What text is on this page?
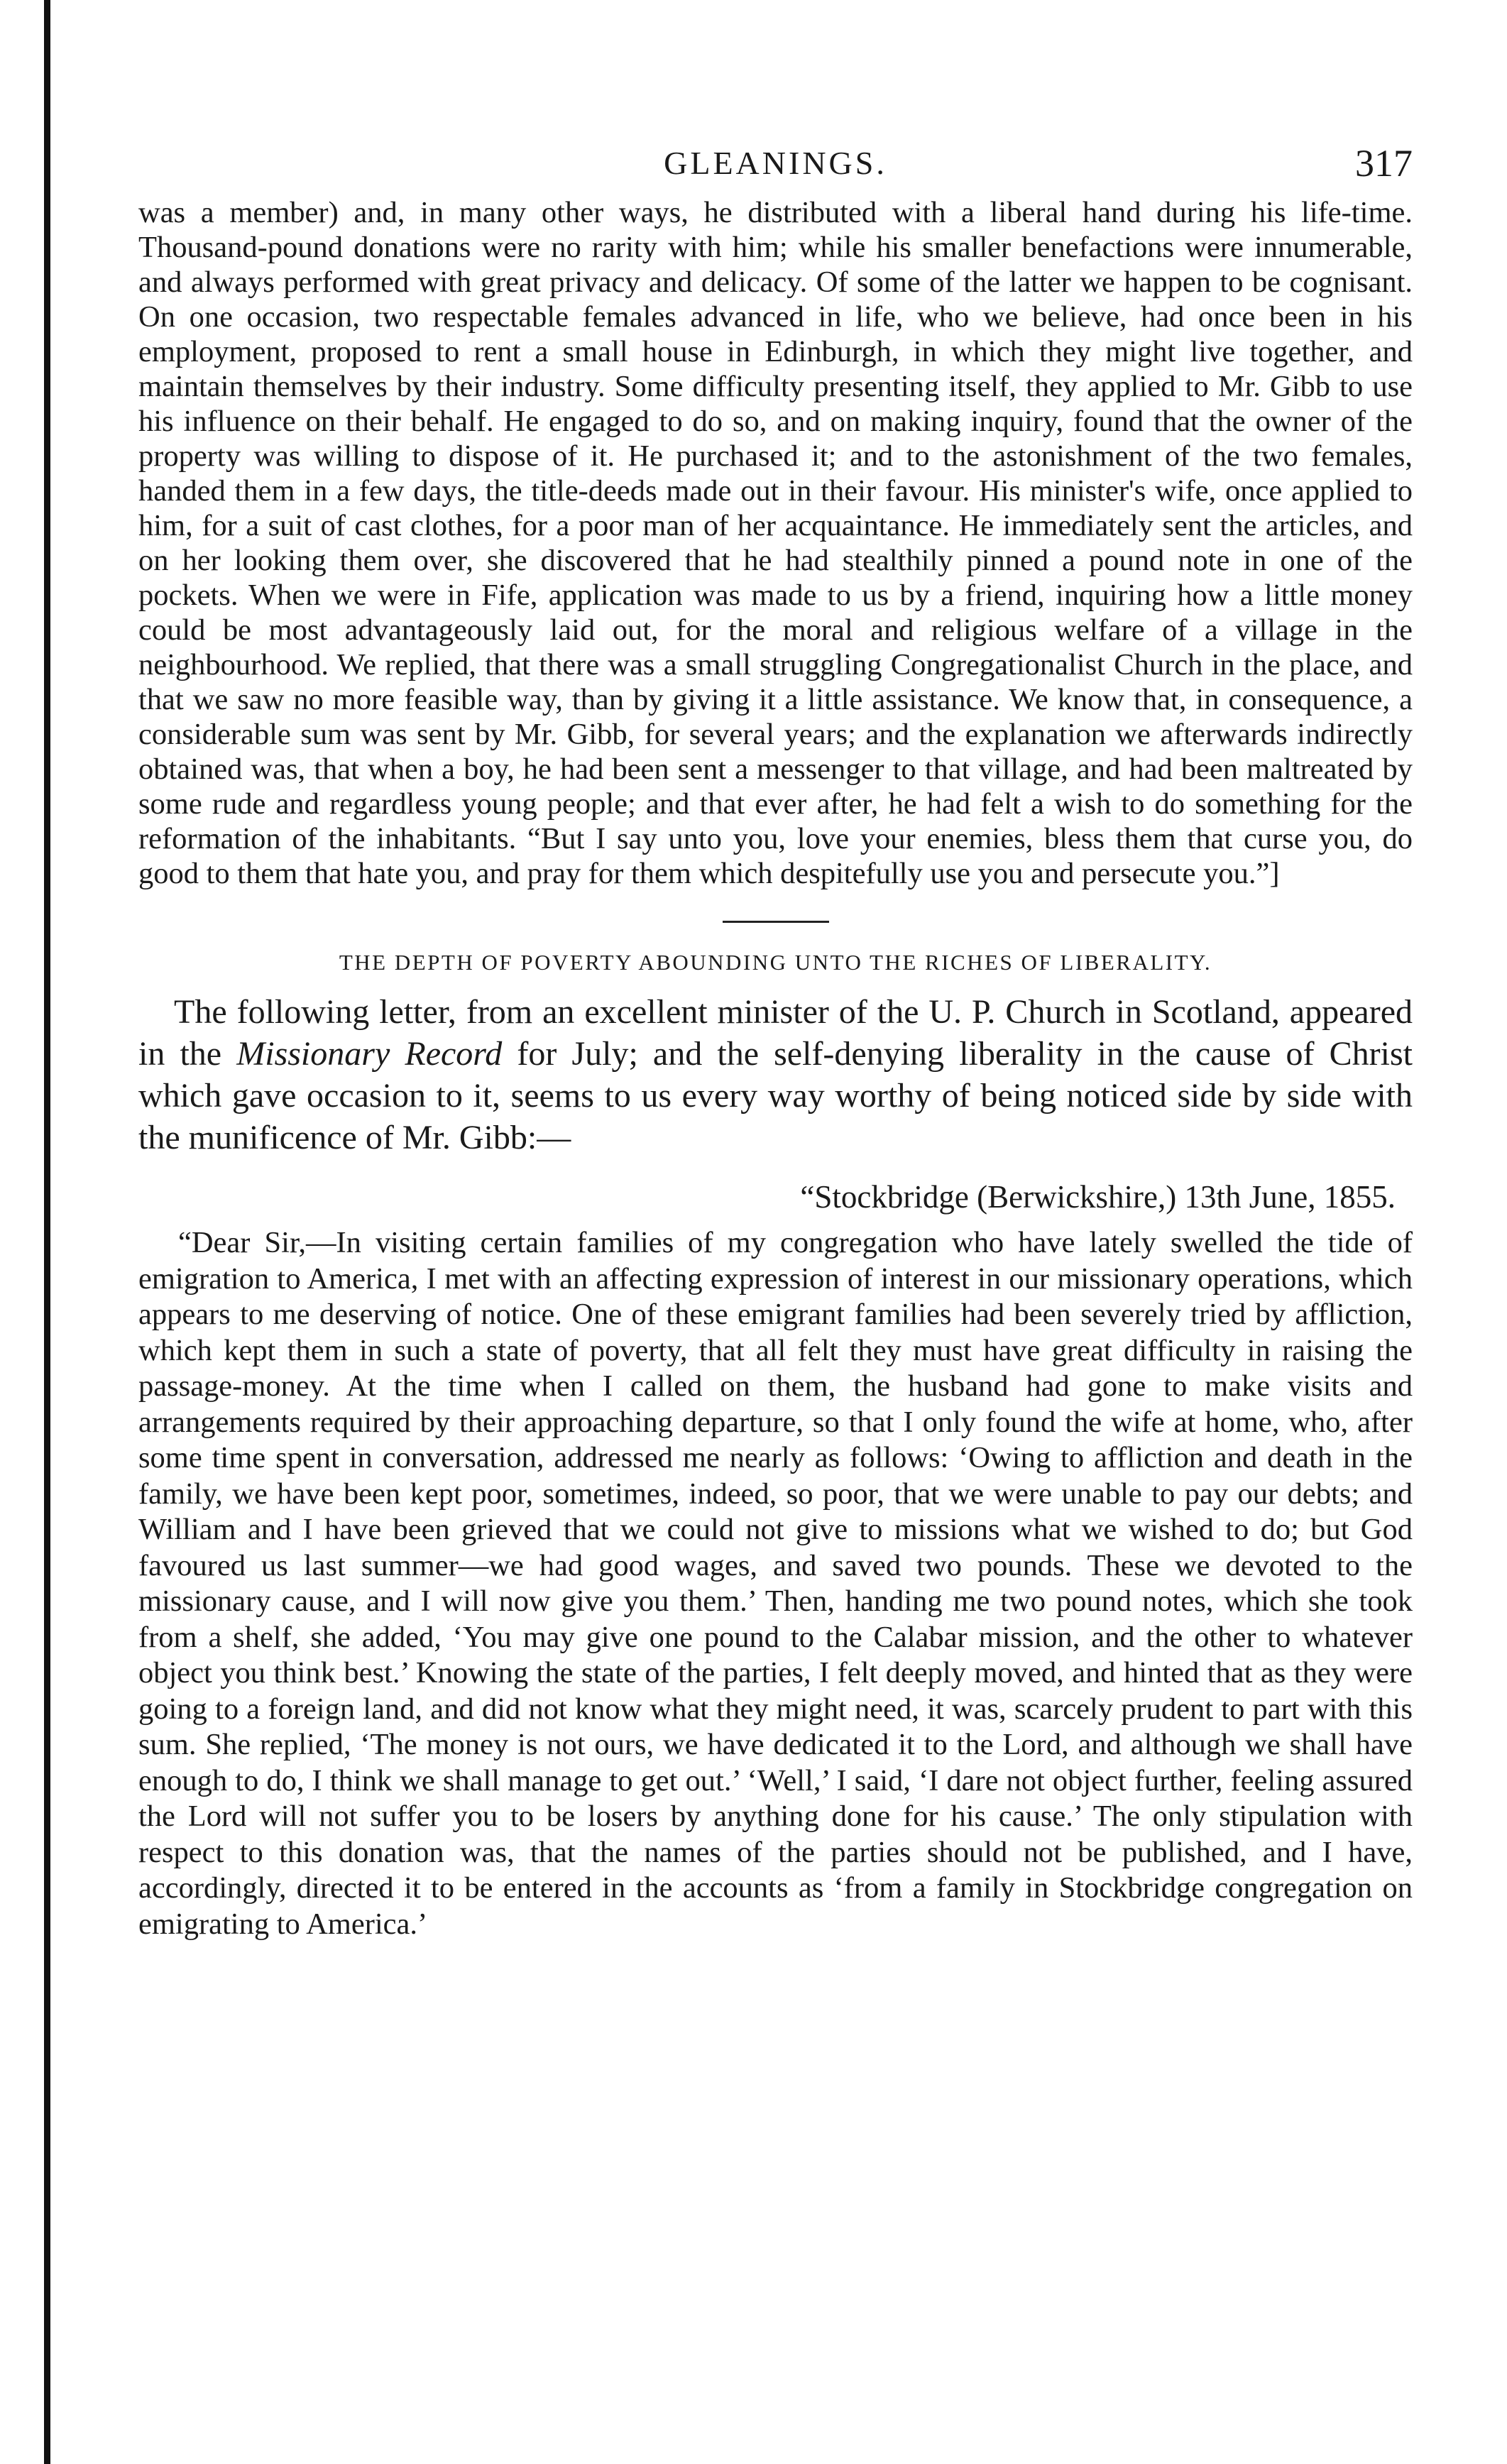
GLEANINGS.	317

was a member) and, in many other ways, he distributed with a liberal hand during his life-time. Thousand-pound donations were no rarity with him; while his smaller benefactions were innumerable, and always performed with great privacy and delicacy. Of some of the latter we happen to be cognisant. On one occasion, two respectable females advanced in life, who we believe, had once been in his employment, proposed to rent a small house in Edinburgh, in which they might live together, and maintain themselves by their industry. Some difficulty presenting itself, they applied to Mr. Gibb to use his influence on their behalf. He engaged to do so, and on making inquiry, found that the owner of the property was willing to dispose of it. He purchased it; and to the astonishment of the two females, handed them in a few days, the title-deeds made out in their favour. His minister's wife, once applied to him, for a suit of cast clothes, for a poor man of her acquaintance. He immediately sent the articles, and on her looking them over, she discovered that he had stealthily pinned a pound note in one of the pockets. When we were in Fife, application was made to us by a friend, inquiring how a little money could be most advantageously laid out, for the moral and religious welfare of a village in the neighbourhood. We replied, that there was a small struggling Congregationalist Church in the place, and that we saw no more feasible way, than by giving it a little assistance. We know that, in consequence, a considerable sum was sent by Mr. Gibb, for several years; and the explanation we afterwards indirectly obtained was, that when a boy, he had been sent a messenger to that village, and had been maltreated by some rude and regardless young people; and that ever after, he had felt a wish to do something for the reformation of the inhabitants. “But I say unto you, love your enemies, bless them that curse you, do good to them that hate you, and pray for them which despitefully use you and persecute you.”]

THE DEPTH OF POVERTY ABOUNDING UNTO THE RICHES OF LIBERALITY.

The following letter, from an excellent minister of the U. P. Church in Scotland, appeared in the Missionary Record for July; and the self-denying liberality in the cause of Christ which gave occasion to it, seems to us every way worthy of being noticed side by side with the munificence of Mr. Gibb:—

“Stockbridge (Berwickshire,) 13th June, 1855.

“Dear Sir,—In visiting certain families of my congregation who have lately swelled the tide of emigration to America, I met with an affecting expression of interest in our missionary operations, which appears to me deserving of notice. One of these emigrant families had been severely tried by affliction, which kept them in such a state of poverty, that all felt they must have great difficulty in raising the passage-money. At the time when I called on them, the husband had gone to make visits and arrangements required by their approaching departure, so that I only found the wife at home, who, after some time spent in conversation, addressed me nearly as follows: ‘Owing to affliction and death in the family, we have been kept poor, sometimes, indeed, so poor, that we were unable to pay our debts; and William and I have been grieved that we could not give to missions what we wished to do; but God favoured us last summer—we had good wages, and saved two pounds. These we devoted to the missionary cause, and I will now give you them.’ Then, handing me two pound notes, which she took from a shelf, she added, ‘You may give one pound to the Calabar mission, and the other to whatever object you think best.’ Knowing the state of the parties, I felt deeply moved, and hinted that as they were going to a foreign land, and did not know what they might need, it was, scarcely prudent to part with this sum. She replied, ‘The money is not ours, we have dedicated it to the Lord, and although we shall have enough to do, I think we shall manage to get out.’ ‘Well,’ I said, ‘I dare not object further, feeling assured the Lord will not suffer you to be losers by anything done for his cause.’ The only stipulation with respect to this donation was, that the names of the parties should not be published, and I have, accordingly, directed it to be entered in the accounts as ‘from a family in Stockbridge congregation on emigrating to America.’
